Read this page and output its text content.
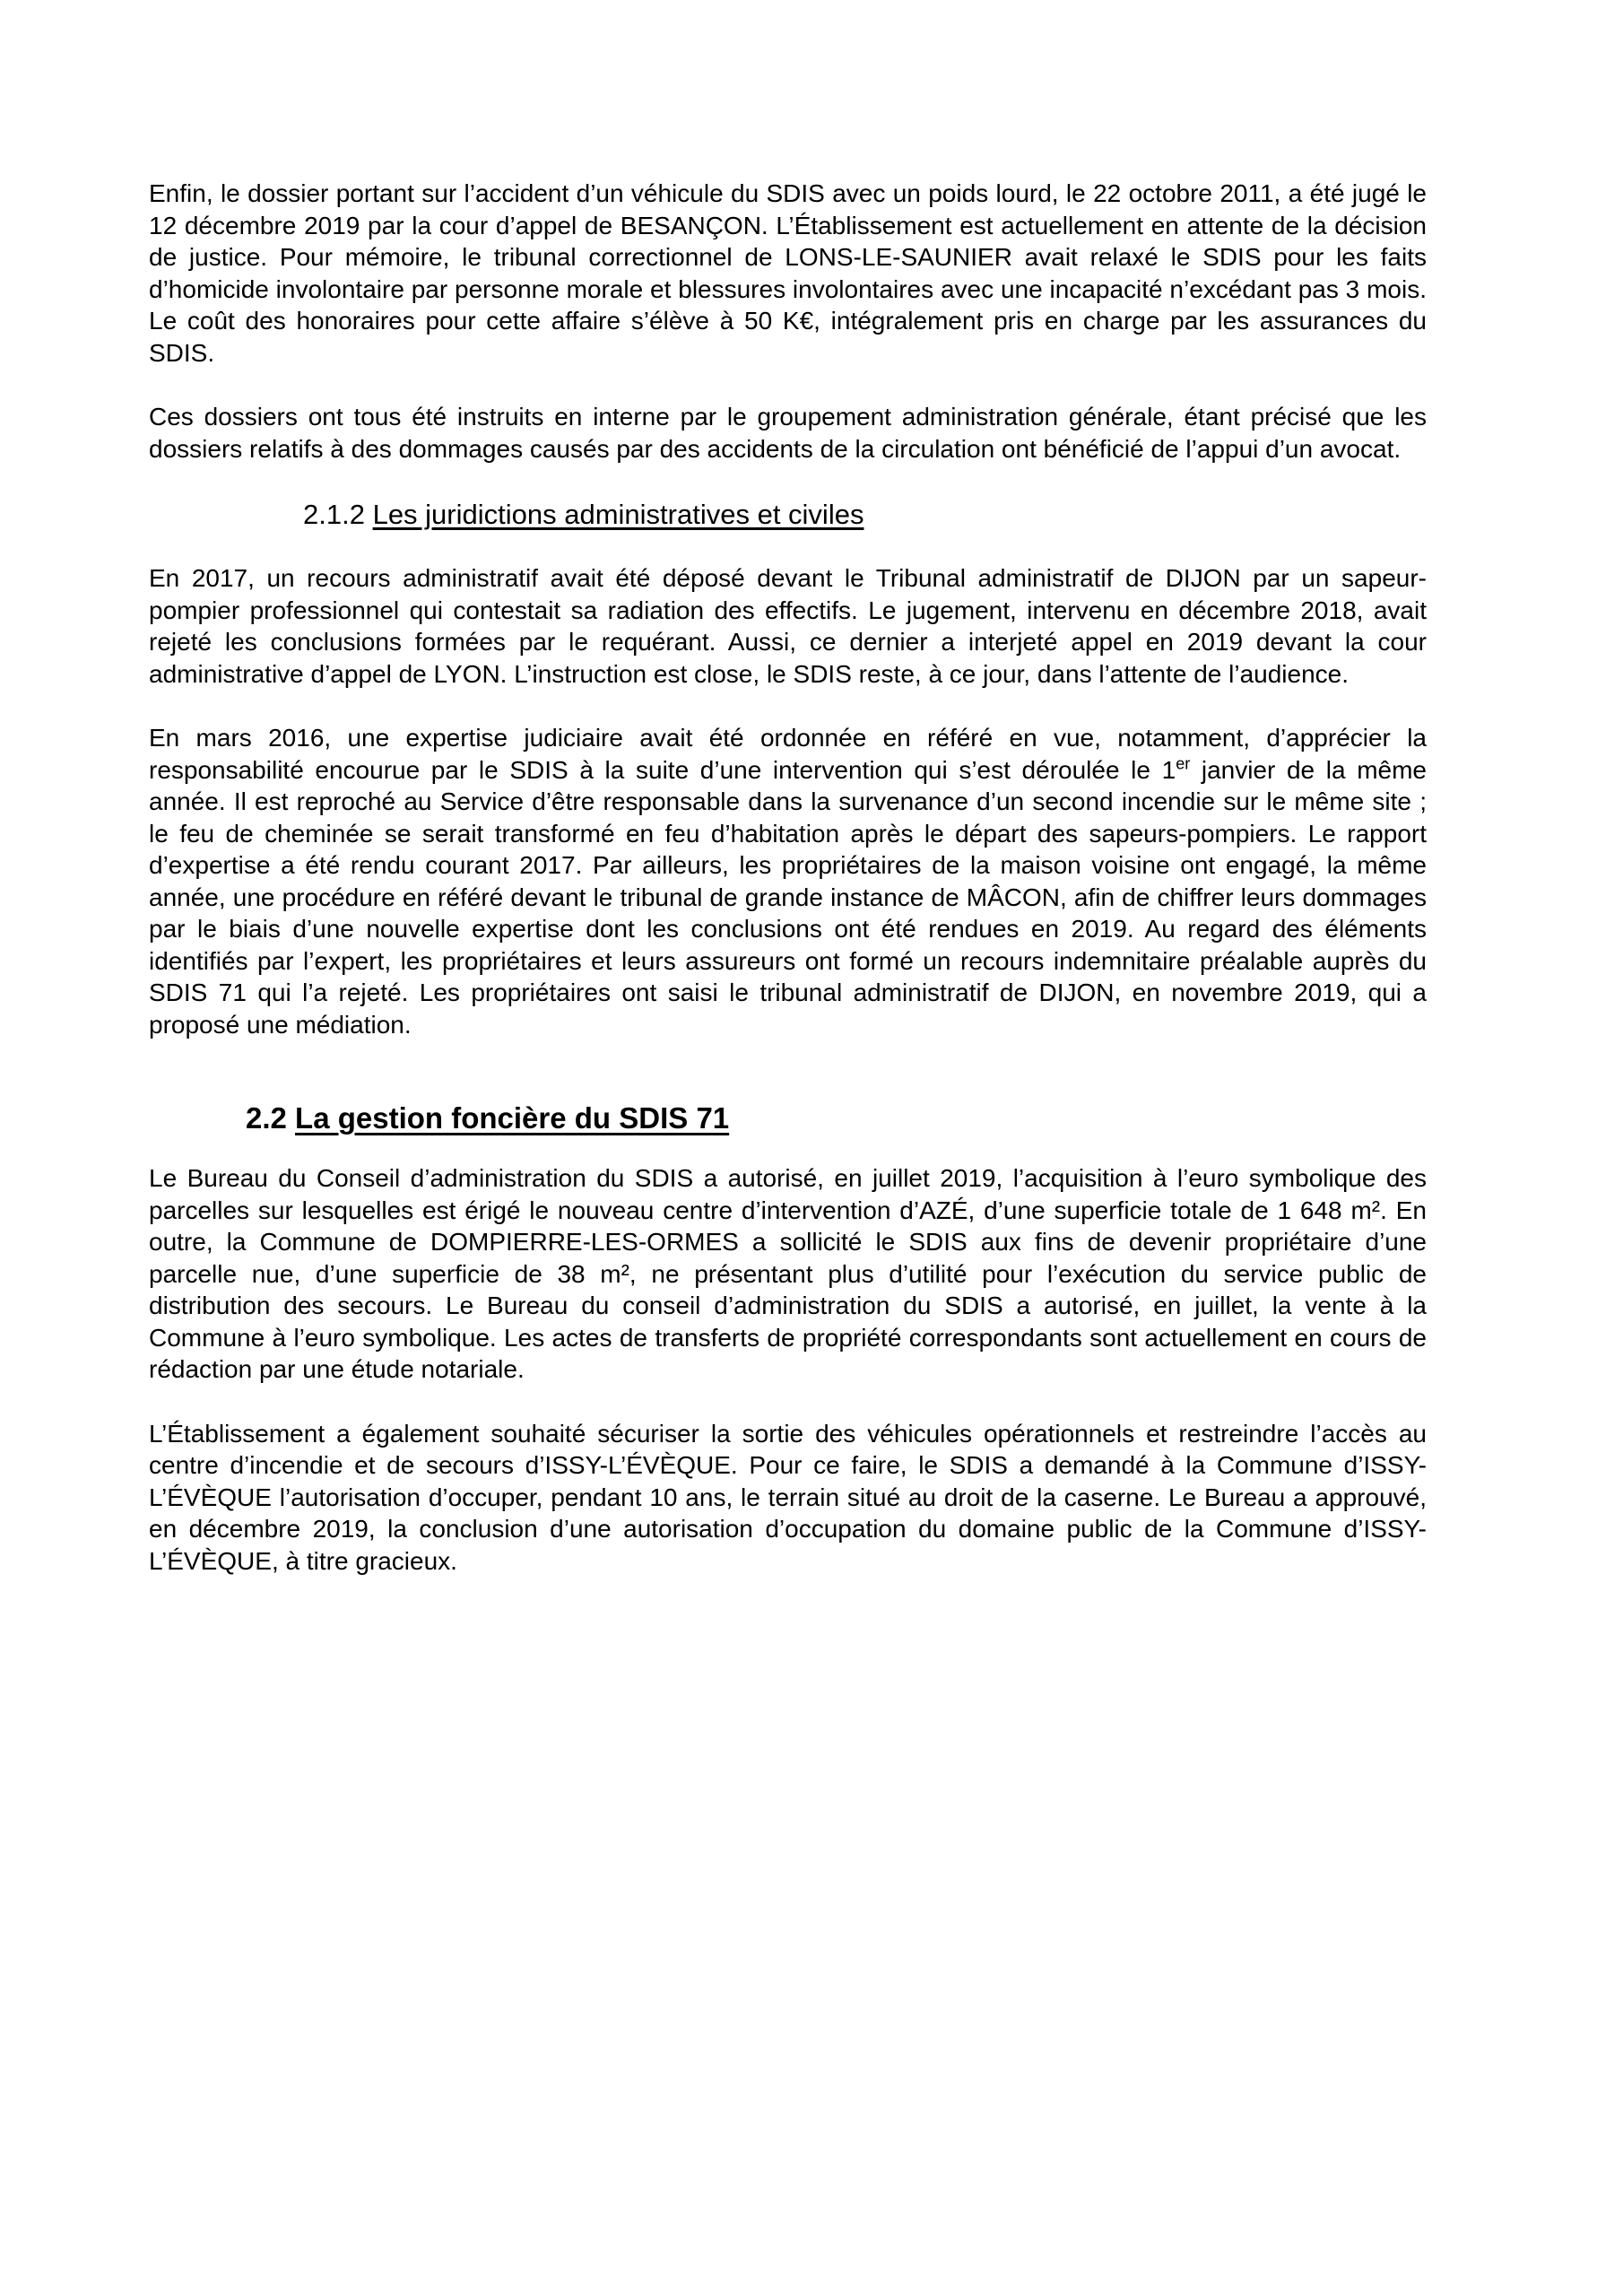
Enfin, le dossier portant sur l’accident d’un véhicule du SDIS avec un poids lourd, le 22 octobre 2011, a été jugé le 12 décembre 2019 par la cour d’appel de BESANÇON. L’Établissement est actuellement en attente de la décision de justice. Pour mémoire, le tribunal correctionnel de LONS-LE-SAUNIER avait relaxé le SDIS pour les faits d’homicide involontaire par personne morale et blessures involontaires avec une incapacité n’excédant pas 3 mois. Le coût des honoraires pour cette affaire s’élève à 50 K€, intégralement pris en charge par les assurances du SDIS.

Ces dossiers ont tous été instruits en interne par le groupement administration générale, étant précisé que les dossiers relatifs à des dommages causés par des accidents de la circulation ont bénéficié de l’appui d’un avocat.

2.1.2 Les juridictions administratives et civiles

En 2017, un recours administratif avait été déposé devant le Tribunal administratif de DIJON par un sapeur-pompier professionnel qui contestait sa radiation des effectifs. Le jugement, intervenu en décembre 2018, avait rejeté les conclusions formées par le requérant. Aussi, ce dernier a interjeté appel en 2019 devant la cour administrative d’appel de LYON. L’instruction est close, le SDIS reste, à ce jour, dans l’attente de l’audience.

En mars 2016, une expertise judiciaire avait été ordonnée en référé en vue, notamment, d’apprécier la responsabilité encourue par le SDIS à la suite d’une intervention qui s’est déroulée le 1er janvier de la même année. Il est reproché au Service d’être responsable dans la survenance d’un second incendie sur le même site ; le feu de cheminée se serait transformé en feu d’habitation après le départ des sapeurs-pompiers. Le rapport d’expertise a été rendu courant 2017. Par ailleurs, les propriétaires de la maison voisine ont engagé, la même année, une procédure en référé devant le tribunal de grande instance de MÂCON, afin de chiffrer leurs dommages par le biais d’une nouvelle expertise dont les conclusions ont été rendues en 2019. Au regard des éléments identifiés par l’expert, les propriétaires et leurs assureurs ont formé un recours indemnitaire préalable auprès du SDIS 71 qui l’a rejeté. Les propriétaires ont saisi le tribunal administratif de DIJON, en novembre 2019, qui a proposé une médiation.

2.2 La gestion foncière du SDIS 71

Le Bureau du Conseil d’administration du SDIS a autorisé, en juillet 2019, l’acquisition à l’euro symbolique des parcelles sur lesquelles est érigé le nouveau centre d’intervention d’AZÉ, d’une superficie totale de 1 648 m². En outre, la Commune de DOMPIERRE-LES-ORMES a sollicité le SDIS aux fins de devenir propriétaire d’une parcelle nue, d’une superficie de 38 m², ne présentant plus d’utilité pour l’exécution du service public de distribution des secours. Le Bureau du conseil d’administration du SDIS a autorisé, en juillet, la vente à la Commune à l’euro symbolique. Les actes de transferts de propriété correspondants sont actuellement en cours de rédaction par une étude notariale.

L’Établissement a également souhaité sécuriser la sortie des véhicules opérationnels et restreindre l’accès au centre d’incendie et de secours d’ISSY-L’ÉVÈQUE. Pour ce faire, le SDIS a demandé à la Commune d’ISSY-L’ÉVÈQUE l’autorisation d’occuper, pendant 10 ans, le terrain situé au droit de la caserne. Le Bureau a approuvé, en décembre 2019, la conclusion d’une autorisation d’occupation du domaine public de la Commune d’ISSY-L’ÉVÈQUE, à titre gracieux.
